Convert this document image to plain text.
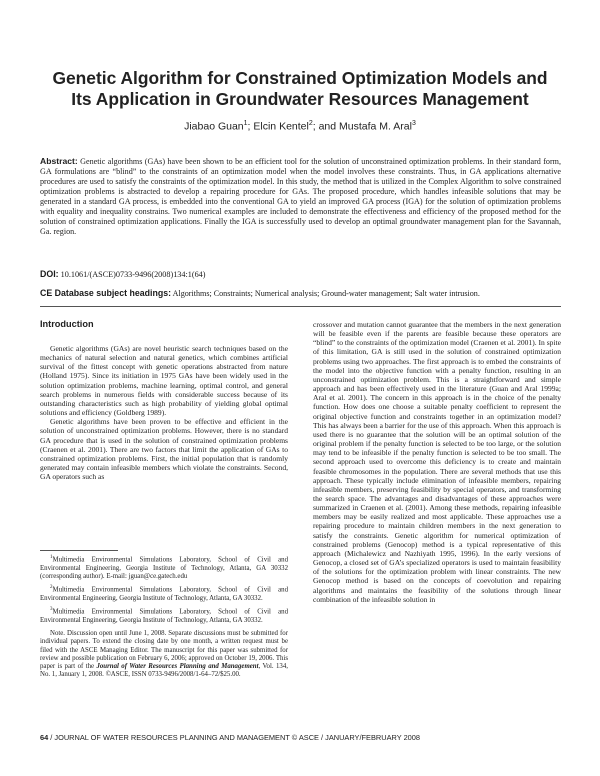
Genetic Algorithm for Constrained Optimization Models and
Its Application in Groundwater Resources Management
Jiabao Guan$^1$; Elcin Kentel$^2$; and Mustafa M. Aral$^3$
Abstract: Genetic algorithms (GAs) have been shown to be an efficient tool for the solution of unconstrained optimization problems. In their standard form, GA formulations are “blind” to the constraints of an optimization model when the model involves these constraints. Thus, in GA applications alternative procedures are used to satisfy the constraints of the optimization model. In this study, the method that is utilized in the Complex Algorithm to solve constrained optimization problems is abstracted to develop a repairing procedure for GAs. The proposed procedure, which handles infeasible solutions that may be generated in a standard GA process, is embedded into the conventional GA to yield an improved GA process (IGA) for the solution of optimization problems with equality and inequality constrains. Two numerical examples are included to demonstrate the effectiveness and efficiency of the proposed method for the solution of constrained optimization applications. Finally the IGA is successfully used to develop an optimal groundwater management plan for the Savannah, Ga. region.
DOI: 10.1061/(ASCE)0733-9496(2008)134:1(64)
CE Database subject headings: Algorithms; Constraints; Numerical analysis; Ground-water management; Salt water intrusion.

Introduction

Genetic algorithms (GAs) are novel heuristic search techniques based on the mechanics of natural selection and natural genetics, which combines artificial survival of the fittest concept with genetic operations abstracted from nature (Holland 1975). Since its initiation in 1975 GAs have been widely used in the solution optimization problems, machine learning, optimal control, and general search problems in numerous fields with considerable success because of its outstanding characteristics such as high probability of yielding global optimal solutions and efficiency (Goldberg 1989).

Genetic algorithms have been proven to be effective and efficient in the solution of unconstrained optimization problems. However, there is no standard GA procedure that is used in the solution of constrained optimization problems (Craenen et al. 2001). There are two factors that limit the application of GAs to constrained optimization problems. First, the initial population that is randomly generated may contain infeasible members which violate the constraints. Second, GA operators such as

$^1$Multimedia Environmental Simulations Laboratory, School of Civil and Environmental Engineering, Georgia Institute of Technology, Atlanta, GA 30332 (corresponding author). E-mail: jguan@ce.gatech.edu

$^2$Multimedia Environmental Simulations Laboratory, School of Civil and Environmental Engineering, Georgia Institute of Technology, Atlanta, GA 30332.

$^3$Multimedia Environmental Simulations Laboratory, School of Civil and Environmental Engineering, Georgia Institute of Technology, Atlanta, GA 30332.

Note. Discussion open until June 1, 2008. Separate discussions must be submitted for individual papers. To extend the closing date by one month, a written request must be filed with the ASCE Managing Editor. The manuscript for this paper was submitted for review and possible publication on February 6, 2006; approved on October 19, 2006. This paper is part of the Journal of Water Resources Planning and Management, Vol. 134, No. 1, January 1, 2008. ©ASCE, ISSN 0733-9496/2008/1-64–72/$25.00.

crossover and mutation cannot guarantee that the members in the next generation will be feasible even if the parents are feasible because these operators are “blind” to the constraints of the optimization model (Craenen et al. 2001). In spite of this limitation, GA is still used in the solution of constrained optimization problems using two approaches. The first approach is to embed the constraints of the model into the objective function with a penalty function, resulting in an unconstrained optimization problem. This is a straightforward and simple approach and has been effectively used in the literature (Guan and Aral 1999a; Aral et al. 2001). The concern in this approach is in the choice of the penalty function. How does one choose a suitable penalty coefficient to represent the original objective function and constraints together in an optimization model? This has always been a barrier for the use of this approach. When this approach is used there is no guarantee that the solution will be an optimal solution of the original problem if the penalty function is selected to be too large, or the solution may tend to be infeasible if the penalty function is selected to be too small. The second approach used to overcome this deficiency is to create and maintain feasible chromosomes in the population. There are several methods that use this approach. These typically include elimination of infeasible members, repairing infeasible members, preserving feasibility by special operators, and transforming the search space. The advantages and disadvantages of these approaches were summarized in Craenen et al. (2001). Among these methods, repairing infeasible members may be easily realized and most applicable. These approaches use a repairing procedure to maintain children members in the next generation to satisfy the constraints. Genetic algorithm for numerical optimization of constrained problems (Genocop) method is a typical representative of this approach (Michalewicz and Nazhiyath 1995, 1996). In the early versions of Genocop, a closed set of GA’s specialized operators is used to maintain feasibility of the solutions for the optimization problem with linear constraints. The new Genocop method is based on the concepts of coevolution and repairing algorithms and maintains the feasibility of the solutions through linear combination of the infeasible solution in

64 / JOURNAL OF WATER RESOURCES PLANNING AND MANAGEMENT © ASCE / JANUARY/FEBRUARY 2008
